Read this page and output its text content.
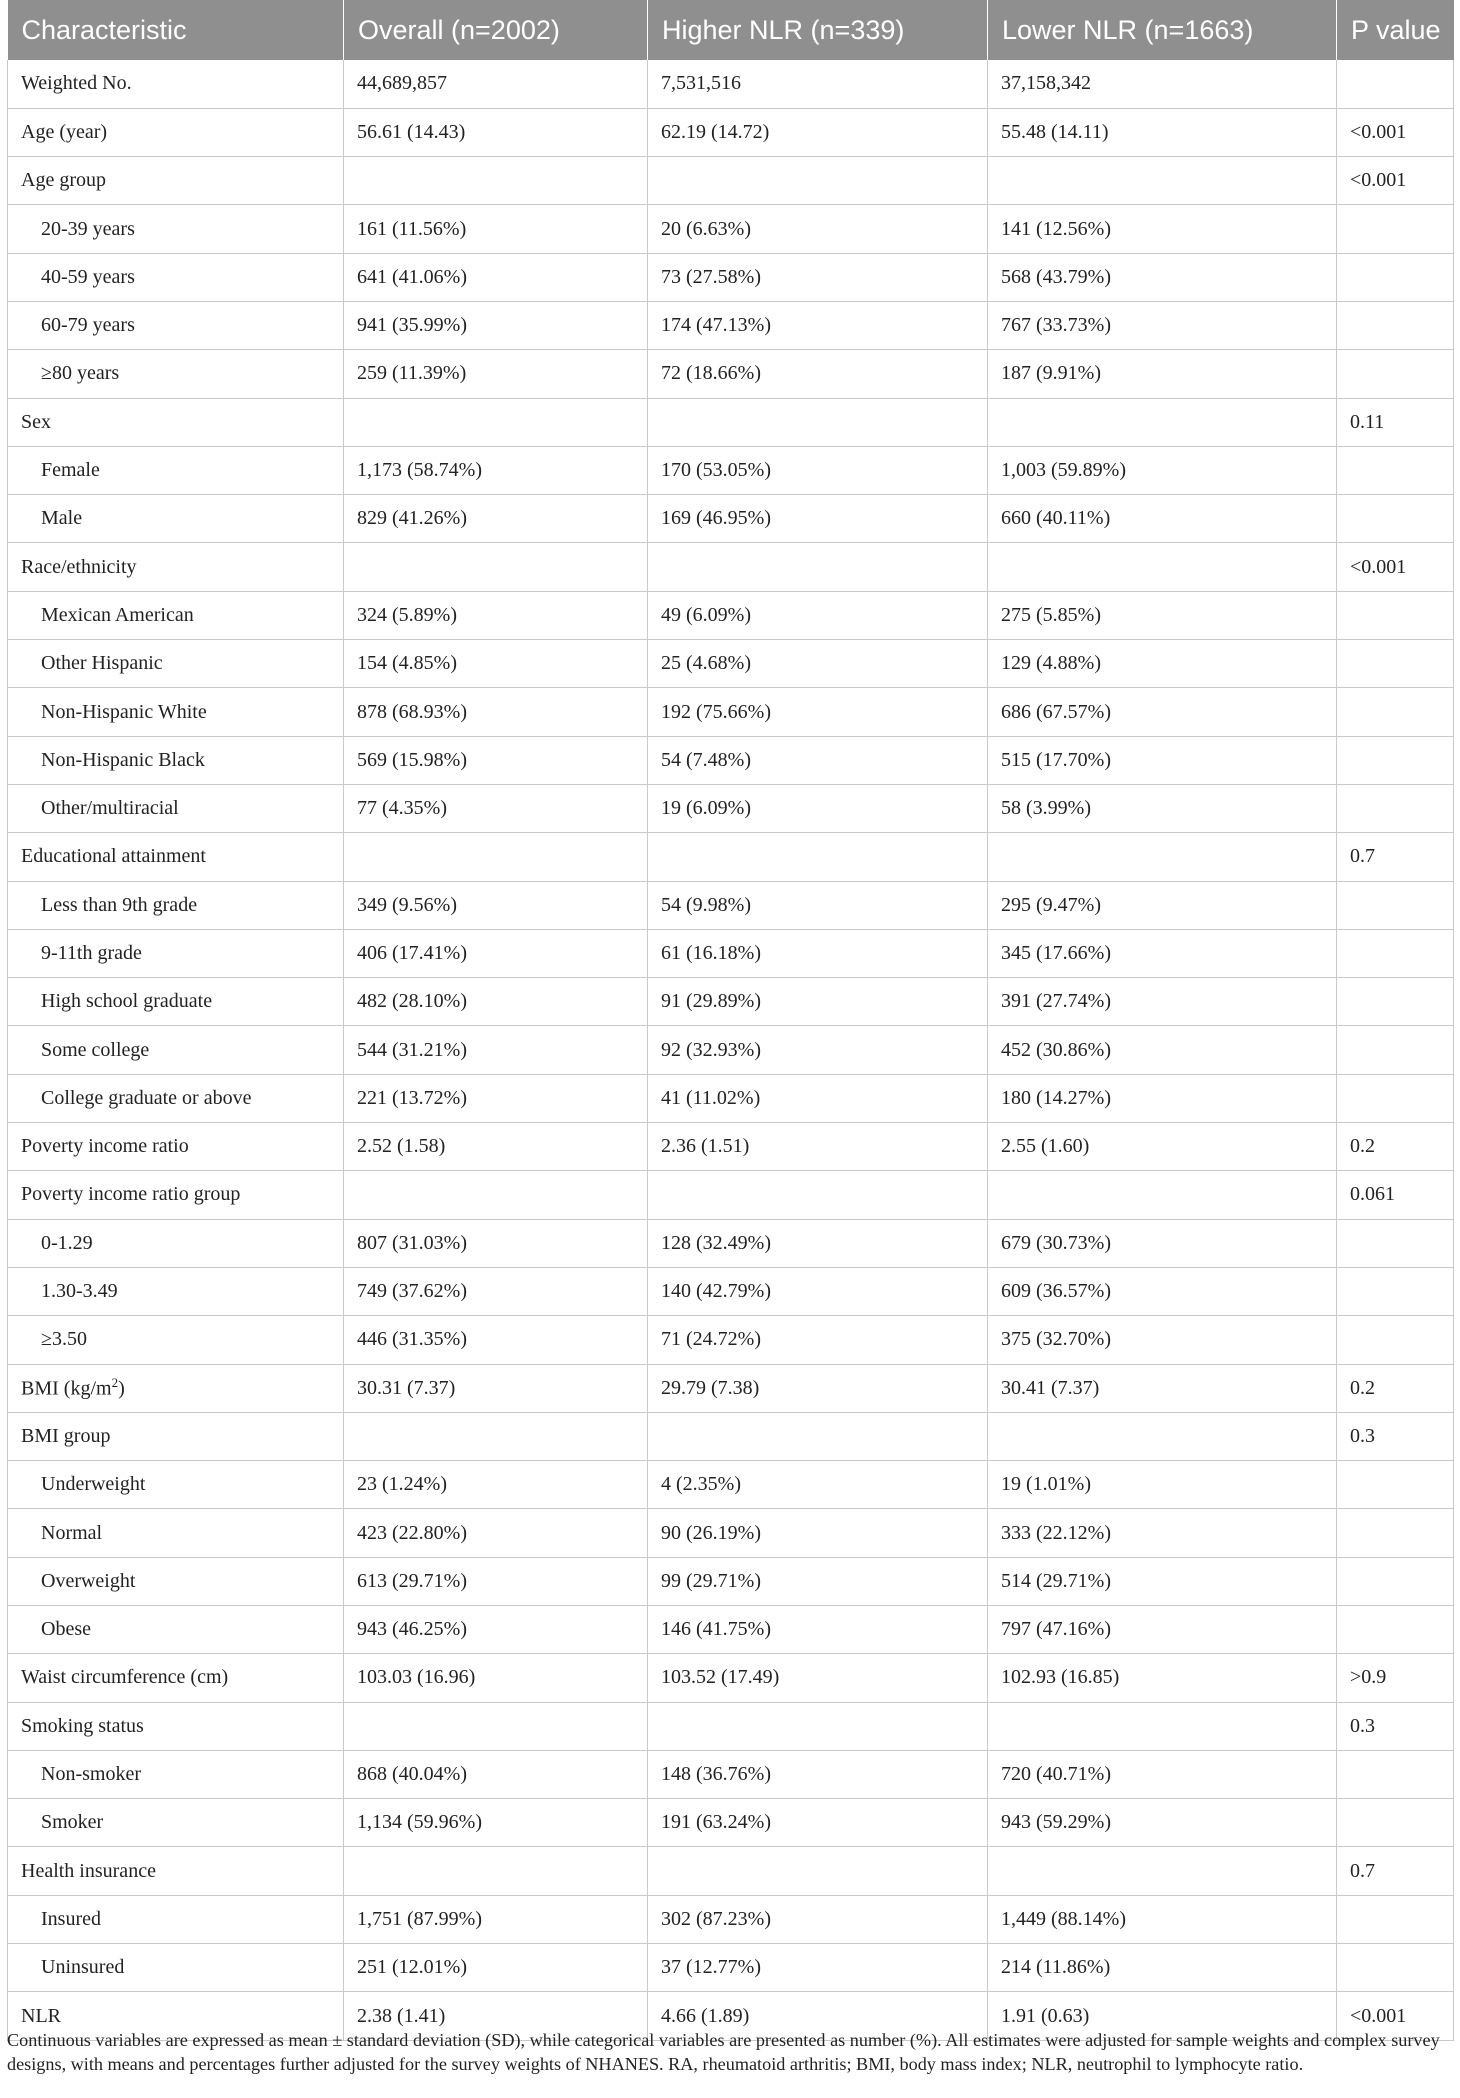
Characteristic	Overall (n=2002)	Higher NLR (n=339)	Lower NLR (n=1663)	P value
Weighted No.	44,689,857	7,531,516	37,158,342	
Age (year)	56.61 (14.43)	62.19 (14.72)	55.48 (14.11)	<0.001
Age group				<0.001
20-39 years	161 (11.56%)	20 (6.63%)	141 (12.56%)	
40-59 years	641 (41.06%)	73 (27.58%)	568 (43.79%)	
60-79 years	941 (35.99%)	174 (47.13%)	767 (33.73%)	
≥80 years	259 (11.39%)	72 (18.66%)	187 (9.91%)	
Sex				0.11
Female	1,173 (58.74%)	170 (53.05%)	1,003 (59.89%)	
Male	829 (41.26%)	169 (46.95%)	660 (40.11%)	
Race/ethnicity				<0.001
Mexican American	324 (5.89%)	49 (6.09%)	275 (5.85%)	
Other Hispanic	154 (4.85%)	25 (4.68%)	129 (4.88%)	
Non-Hispanic White	878 (68.93%)	192 (75.66%)	686 (67.57%)	
Non-Hispanic Black	569 (15.98%)	54 (7.48%)	515 (17.70%)	
Other/multiracial	77 (4.35%)	19 (6.09%)	58 (3.99%)	
Educational attainment				0.7
Less than 9th grade	349 (9.56%)	54 (9.98%)	295 (9.47%)	
9-11th grade	406 (17.41%)	61 (16.18%)	345 (17.66%)	
High school graduate	482 (28.10%)	91 (29.89%)	391 (27.74%)	
Some college	544 (31.21%)	92 (32.93%)	452 (30.86%)	
College graduate or above	221 (13.72%)	41 (11.02%)	180 (14.27%)	
Poverty income ratio	2.52 (1.58)	2.36 (1.51)	2.55 (1.60)	0.2
Poverty income ratio group				0.061
0-1.29	807 (31.03%)	128 (32.49%)	679 (30.73%)	
1.30-3.49	749 (37.62%)	140 (42.79%)	609 (36.57%)	
≥3.50	446 (31.35%)	71 (24.72%)	375 (32.70%)	
BMI $(kg/m^2)$	30.31 (7.37)	29.79 (7.38)	30.41 (7.37)	0.2
BMI group				0.3
Underweight	23 (1.24%)	4 (2.35%)	19 (1.01%)	
Normal	423 (22.80%)	90 (26.19%)	333 (22.12%)	
Overweight	613 (29.71%)	99 (29.71%)	514 (29.71%)	
Obese	943 (46.25%)	146 (41.75%)	797 (47.16%)	
Waist circumference (cm)	103.03 (16.96)	103.52 (17.49)	102.93 (16.85)	>0.9
Smoking status				0.3
Non-smoker	868 (40.04%)	148 (36.76%)	720 (40.71%)	
Smoker	1,134 (59.96%)	191 (63.24%)	943 (59.29%)	
Health insurance				0.7
Insured	1,751 (87.99%)	302 (87.23%)	1,449 (88.14%)	
Uninsured	251 (12.01%)	37 (12.77%)	214 (11.86%)	
NLR	2.38 (1.41)	4.66 (1.89)	1.91 (0.63)	<0.001
Continuous variables are expressed as mean ± standard deviation (SD), while categorical variables are presented as number (%). All estimates were adjusted for sample weights and complex survey designs, with means and percentages further adjusted for the survey weights of NHANES. RA, rheumatoid arthritis; BMI, body mass index; NLR, neutrophil to lymphocyte ratio.
